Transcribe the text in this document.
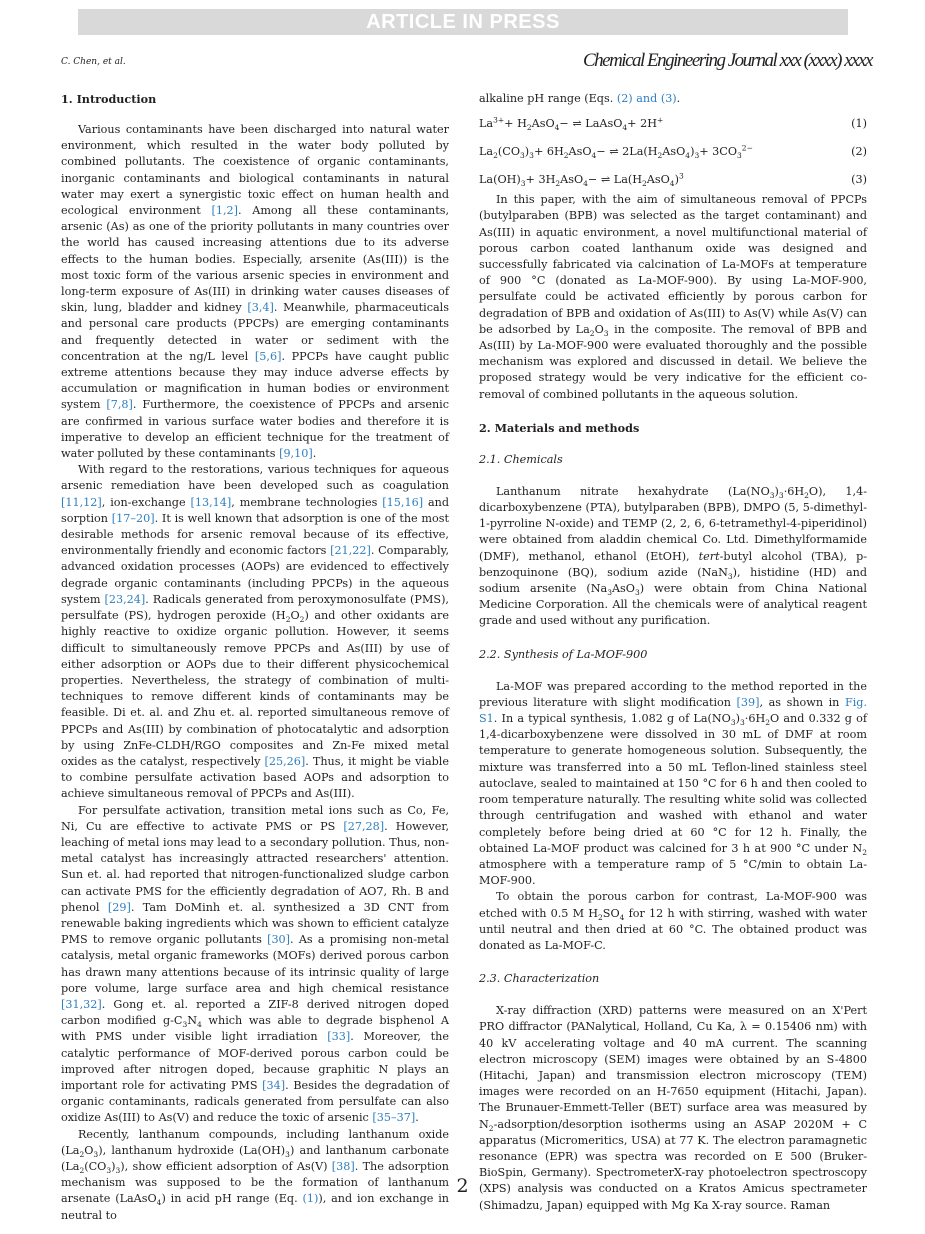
ARTICLE IN PRESS
C. Chen, et al.	Chemical Engineering Journal xxx (xxxx) xxxx
1. Introduction

Various contaminants have been discharged into natural water environment, which resulted in the water body polluted by combined pollutants. The coexistence of organic contaminants, inorganic contaminants and biological contaminants in natural water may exert a synergistic toxic effect on human health and ecological environment [1,2]. Among all these contaminants, arsenic (As) as one of the priority pollutants in many countries over the world has caused increasing attentions due to its adverse effects to the human bodies. Especially, arsenite (As(III)) is the most toxic form of the various arsenic species in environment and long-term exposure of As(III) in drinking water causes diseases of skin, lung, bladder and kidney [3,4]. Meanwhile, pharmaceuticals and personal care products (PPCPs) are emerging contaminants and frequently detected in water or sediment with the concentration at the ng/L level [5,6]. PPCPs have caught public extreme attentions because they may induce adverse effects by accumulation or magnification in human bodies or environment system [7,8]. Furthermore, the coexistence of PPCPs and arsenic are confirmed in various surface water bodies and therefore it is imperative to develop an efficient technique for the treatment of water polluted by these contaminants [9,10].

With regard to the restorations, various techniques for aqueous arsenic remediation have been developed such as coagulation [11,12], ion-exchange [13,14], membrane technologies [15,16] and sorption [17–20]. It is well known that adsorption is one of the most desirable methods for arsenic removal because of its effective, environmentally friendly and economic factors [21,22]. Comparably, advanced oxidation processes (AOPs) are evidenced to effectively degrade organic contaminants (including PPCPs) in the aqueous system [23,24]. Radicals generated from peroxymonosulfate (PMS), persulfate (PS), hydrogen peroxide $(H_2O_2)$ and other oxidants are highly reactive to oxidize organic pollution. However, it seems difficult to simultaneously remove PPCPs and As(III) by use of either adsorption or AOPs due to their different physicochemical properties. Nevertheless, the strategy of combination of multi-techniques to remove different kinds of contaminants may be feasible. Di et. al. and Zhu et. al. reported simultaneous remove of PPCPs and As(III) by combination of photocatalytic and adsorption by using ZnFe-CLDH/RGO composites and Zn-Fe mixed metal oxides as the catalyst, respectively [25,26]. Thus, it might be viable to combine persulfate activation based AOPs and adsorption to achieve simultaneous removal of PPCPs and As(III).

For persulfate activation, transition metal ions such as Co, Fe, Ni, Cu are effective to activate PMS or PS [27,28]. However, leaching of metal ions may lead to a secondary pollution. Thus, non-metal catalyst has increasingly attracted researchers' attention. Sun et. al. had reported that nitrogen-functionalized sludge carbon can activate PMS for the efficiently degradation of AO7, Rh. B and phenol [29]. Tam DoMinh et. al. synthesized a 3D CNT from renewable baking ingredients which was shown to efficient catalyze PMS to remove organic pollutants [30]. As a promising non-metal catalysis, metal organic frameworks (MOFs) derived porous carbon has drawn many attentions because of its intrinsic quality of large pore volume, large surface area and high chemical resistance [31,32]. Gong et. al. reported a ZIF-8 derived nitrogen doped carbon modified $g-C_3N_4$ which was able to degrade bisphenol A with PMS under visible light irradiation [33]. Moreover, the catalytic performance of MOF-derived porous carbon could be improved after nitrogen doped, because graphitic N plays an important role for activating PMS [34]. Besides the degradation of organic contaminants, radicals generated from persulfate can also oxidize As(III) to As(V) and reduce the toxic of arsenic [35–37].

Recently, lanthanum compounds, including lanthanum oxide $(La_2O_3)$, lanthanum hydroxide $(La(OH)_3)$ and lanthanum carbonate $(La_2(CO_3)_3)$, show efficient adsorption of As(V) [38]. The adsorption mechanism was supposed to be the formation of lanthanum arsenate (LaAsO$_4$) in acid pH range (Eq. (1)), and ion exchange in neutral to

alkaline pH range (Eqs. (2) and (3).
$La^{3+}+ H_2AsO_4-$ ⇌ LaAsO$_4$+ 2H+	(1)
$La_2(CO_3)_3+ 6H_2AsO_4-$ ⇌ $2La(H_2AsO_4)_3+ 3CO_3^{2-}$	(2)
$La(OH)_3+ 3H_2AsO_4-$ ⇌ $La(H_2AsO_4)^3$	(3)

In this paper, with the aim of simultaneous removal of PPCPs (butylparaben (BPB) was selected as the target contaminant) and As(III) in aquatic environment, a novel multifunctional material of porous carbon coated lanthanum oxide was designed and successfully fabricated via calcination of La-MOFs at temperature of 900 °C (donated as La-MOF-900). By using La-MOF-900, persulfate could be activated efficiently by porous carbon for degradation of BPB and oxidation of As(III) to As(V) while As(V) can be adsorbed by $La_2O_3$ in the composite. The removal of BPB and As(III) by La-MOF-900 were evaluated thoroughly and the possible mechanism was explored and discussed in detail. We believe the proposed strategy would be very indicative for the efficient co-removal of combined pollutants in the aqueous solution.

2. Materials and methods
2.1. Chemicals

Lanthanum nitrate hexahydrate $(La(NO_3)_3\cdot 6H_2O)$, 1,4-dicarboxybenzene (PTA), butylparaben (BPB), DMPO (5, 5-dimethyl-1-pyrroline N-oxide) and TEMP (2, 2, 6, 6-tetramethyl-4-piperidinol) were obtained from aladdin chemical Co. Ltd. Dimethylformamide (DMF), methanol, ethanol (EtOH), tert-butyl alcohol (TBA), p-benzoquinone (BQ), sodium azide (NaN$_3$), histidine (HD) and sodium arsenite $(Na_3AsO_3)$ were obtain from China National Medicine Corporation. All the chemicals were of analytical reagent grade and used without any purification.

2.2. Synthesis of La-MOF-900

La-MOF was prepared according to the method reported in the previous literature with slight modification [39], as shown in Fig. S1. In a typical synthesis, 1.082 g of $La(NO_3)_3\cdot 6H_2O$ and 0.332 g of 1,4-dicarboxybenzene were dissolved in 30 mL of DMF at room temperature to generate homogeneous solution. Subsequently, the mixture was transferred into a 50 mL Teflon-lined stainless steel autoclave, sealed to maintained at 150 °C for 6 h and then cooled to room temperature naturally. The resulting white solid was collected through centrifugation and washed with ethanol and water completely before being dried at 60 °C for 12 h. Finally, the obtained La-MOF product was calcined for 3 h at 900 °C under $N_2$ atmosphere with a temperature ramp of 5 °C/min to obtain La-MOF-900.

To obtain the porous carbon for contrast, La-MOF-900 was etched with 0.5 M $H_2SO_4$ for 12 h with stirring, washed with water until neutral and then dried at 60 °C. The obtained product was donated as La-MOF-C.

2.3. Characterization

X-ray diffraction (XRD) patterns were measured on an X'Pert PRO diffractor (PANalytical, Holland, Cu Ka, λ = 0.15406 nm) with 40 kV accelerating voltage and 40 mA current. The scanning electron microscopy (SEM) images were obtained by an S-4800 (Hitachi, Japan) and transmission electron microscopy (TEM) images were recorded on an H-7650 equipment (Hitachi, Japan). The Brunauer-Emmett-Teller (BET) surface area was measured by $N_2-adsorption$/desorption isotherms using an ASAP 2020M + C apparatus (Micromeritics, USA) at 77 K. The electron paramagnetic resonance (EPR) was spectra was recorded on E 500 (Bruker-BioSpin, Germany). SpectrometerX-ray photoelectron spectroscopy (XPS) analysis was conducted on a Kratos Amicus spectrameter (Shimadzu, Japan) equipped with Mg Ka X-ray source. Raman

2
